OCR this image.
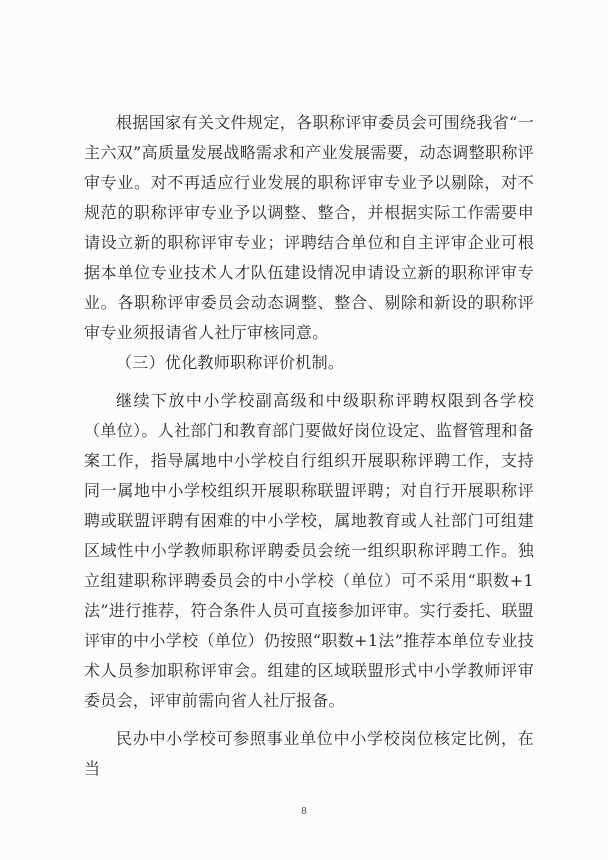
根据国家有关文件规定，各职称评审委员会可围绕我省“一主六双”高质量发展战略需求和产业发展需要，动态调整职称评审专业。对不再适应行业发展的职称评审专业予以剔除，对不规范的职称评审专业予以调整、整合，并根据实际工作需要申请设立新的职称评审专业；评聘结合单位和自主评审企业可根据本单位专业技术人才队伍建设情况申请设立新的职称评审专业。各职称评审委员会动态调整、整合、剔除和新设的职称评审专业须报请省人社厅审核同意。

（三）优化教师职称评价机制。

继续下放中小学校副高级和中级职称评聘权限到各学校（单位）。人社部门和教育部门要做好岗位设定、监督管理和备案工作，指导属地中小学校自行组织开展职称评聘工作，支持同一属地中小学校组织开展职称联盟评聘；对自行开展职称评聘或联盟评聘有困难的中小学校，属地教育或人社部门可组建区域性中小学教师职称评聘委员会统一组织职称评聘工作。独立组建职称评聘委员会的中小学校（单位）可不采用“职数+1法”进行推荐，符合条件人员可直接参加评审。实行委托、联盟评审的中小学校（单位）仍按照“职数+1法”推荐本单位专业技术人员参加职称评审会。组建的区域联盟形式中小学教师评审委员会，评审前需向省人社厅报备。

民办中小学校可参照事业单位中小学校岗位核定比例，在当

8
